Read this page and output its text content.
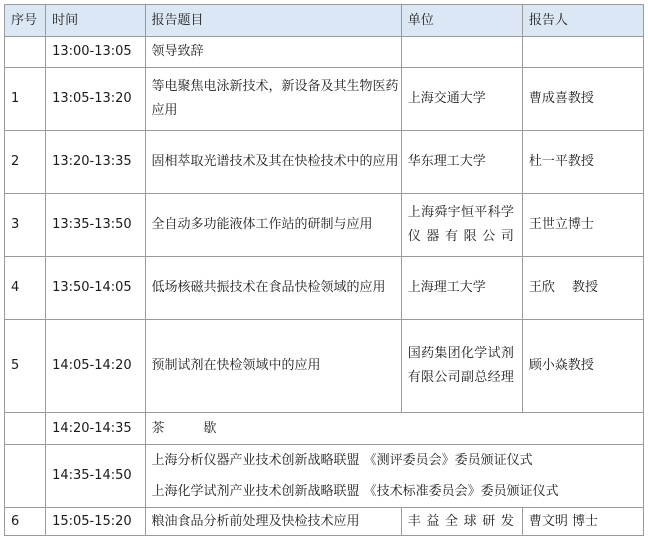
序号	时间	报告题目	单位	报告人
	13:00-13:05	领导致辞		
1	13:05-13:20	等电聚焦电泳新技术，新设备及其生物医药应用	上海交通大学	曹成喜教授
2	13:20-13:35	固相萃取光谱技术及其在快检技术中的应用	华东理工大学	杜一平教授
3	13:35-13:50	全自动多功能液体工作站的研制与应用	上海舜宇恒平科学仪器有限公司	王世立博士
4	13:50-14:05	低场核磁共振技术在食品快检领域的应用	上海理工大学	王欣　 教授
5	14:05-14:20	预制试剂在快检领域中的应用	国药集团化学试剂有限公司副总经理	顾小焱教授
	14:20-14:35	茶　　　歇		
	14:35-14:50	上海分析仪器产业技术创新战略联盟 《测评委员会》委员颁证仪式
上海化学试剂产业技术创新战略联盟 《技术标准委员会》委员颁证仪式		

6	15:05-15:20	粮油食品分析前处理及快检技术应用	丰益全球研发	曹文明 博士
